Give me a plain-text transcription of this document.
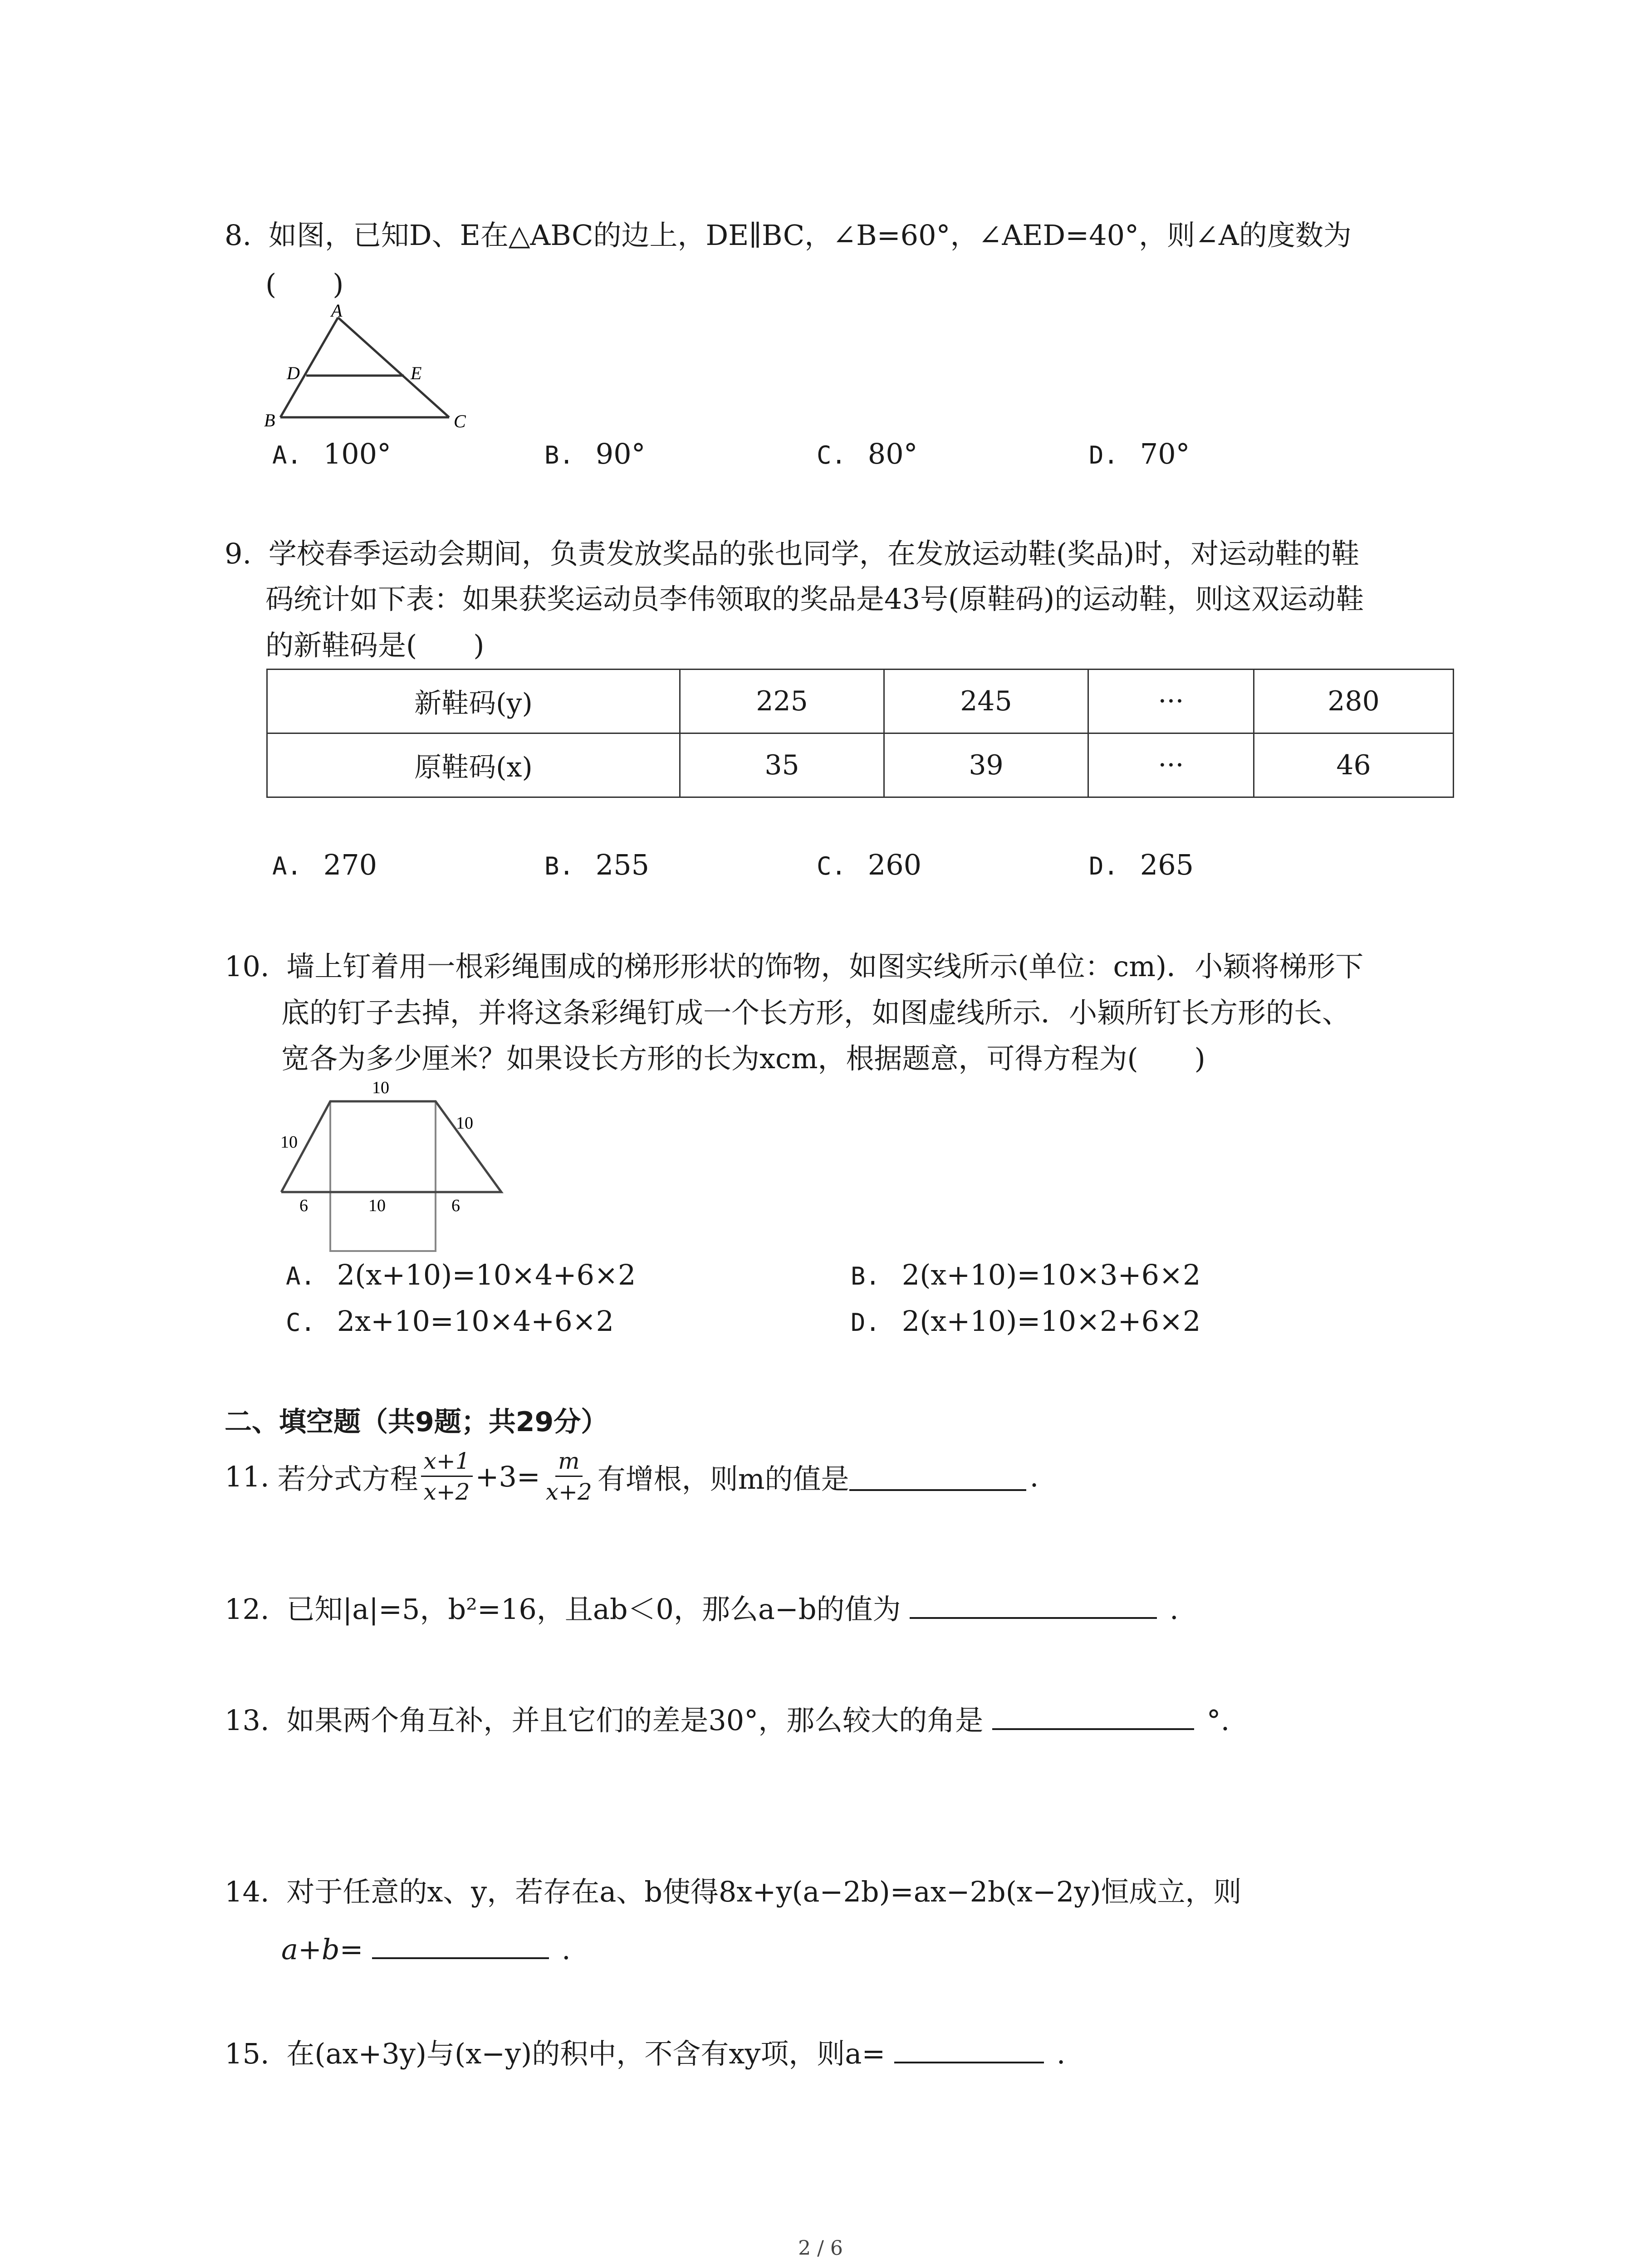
8. 如图，已知D、E在△ABC的边上，DE∥BC，∠B=60°，∠AED=40°，则∠A的度数为
(　　)
A
D	E
B	C
A. 100°	B. 90°	C. 80°	D. 70°
9. 学校春季运动会期间，负责发放奖品的张也同学，在发放运动鞋(奖品)时，对运动鞋的鞋
码统计如下表：如果获奖运动员李伟领取的奖品是43号(原鞋码)的运动鞋，则这双运动鞋
的新鞋码是(　　)
新鞋码(y)	225	245	···	280
原鞋码(x)	35	39	···	46
A. 270	B. 255	C. 260	D. 265
10. 墙上钉着用一根彩绳围成的梯形形状的饰物，如图实线所示(单位：cm)．小颖将梯形下
底的钉子去掉，并将这条彩绳钉成一个长方形，如图虚线所示．小颖所钉长方形的长、
宽各为多少厘米？如果设长方形的长为xcm，根据题意，可得方程为(　　)
10
10
10
6	10	6
A. 2(x+10)=10×4+6×2	B. 2(x+10)=10×3+6×2
C. 2x+10=10×4+6×2	D. 2(x+10)=10×2+6×2
二、填空题（共9题；共29分）
11. 若分式方程 $\frac{x+1}{x+2} +3= \frac{m}{x+2}$ 有增根，则m的值是	.
12. 已知|a|=5，b²=16，且ab＜0，那么a−b的值为	.
13. 如果两个角互补，并且它们的差是30°，那么较大的角是	°.
14. 对于任意的x、y，若存在a、b使得8x+y(a−2b)=ax−2b(x−2y)恒成立，则
a+b=	.
15. 在(ax+3y)与(x−y)的积中，不含有xy项，则a=	.
2 / 6
